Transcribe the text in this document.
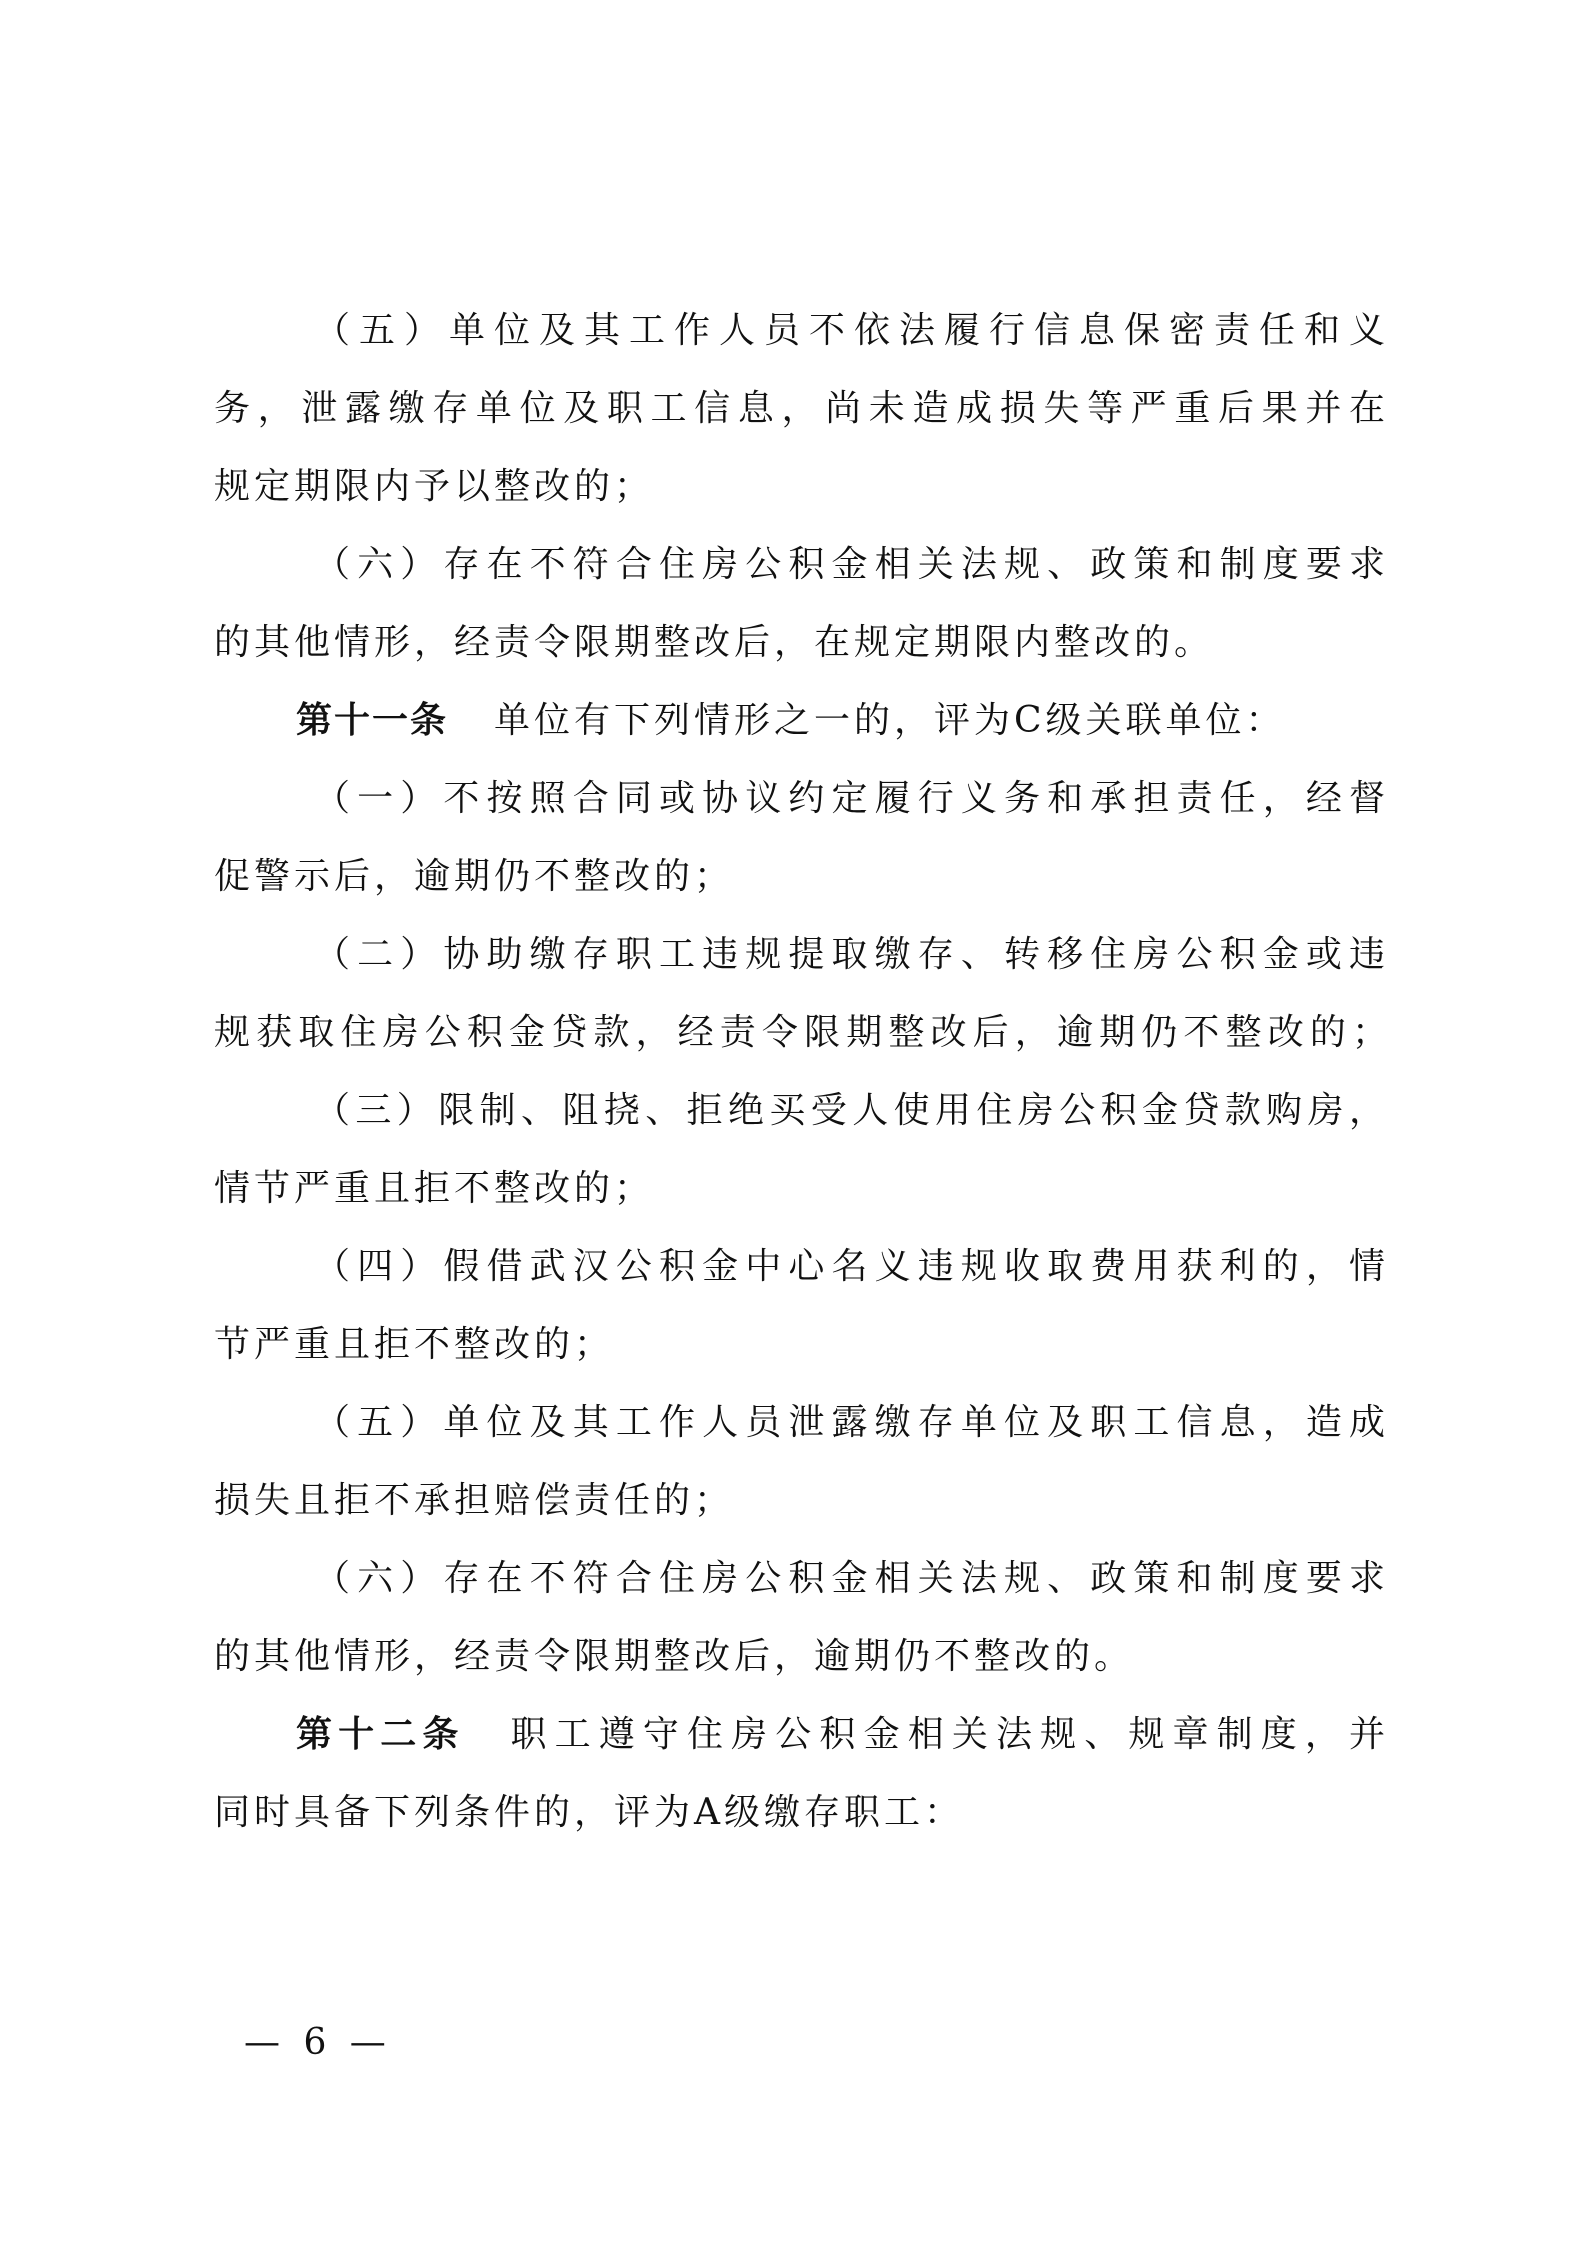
（五）单位及其工作人员不依法履行信息保密责任和义
务，泄露缴存单位及职工信息，尚未造成损失等严重后果并在
规定期限内予以整改的；
（六）存在不符合住房公积金相关法规、政策和制度要求
的其他情形，经责令限期整改后，在规定期限内整改的。
第十一条 单位有下列情形之一的，评为C级关联单位：
（一）不按照合同或协议约定履行义务和承担责任，经督
促警示后，逾期仍不整改的；
（二）协助缴存职工违规提取缴存、转移住房公积金或违
规获取住房公积金贷款，经责令限期整改后，逾期仍不整改的；
（三）限制、阻挠、拒绝买受人使用住房公积金贷款购房，
情节严重且拒不整改的；
（四）假借武汉公积金中心名义违规收取费用获利的，情
节严重且拒不整改的；
（五）单位及其工作人员泄露缴存单位及职工信息，造成
损失且拒不承担赔偿责任的；
（六）存在不符合住房公积金相关法规、政策和制度要求
的其他情形，经责令限期整改后，逾期仍不整改的。
第十二条 职工遵守住房公积金相关法规、规章制度，并
同时具备下列条件的，评为A级缴存职工：
— 6 —
